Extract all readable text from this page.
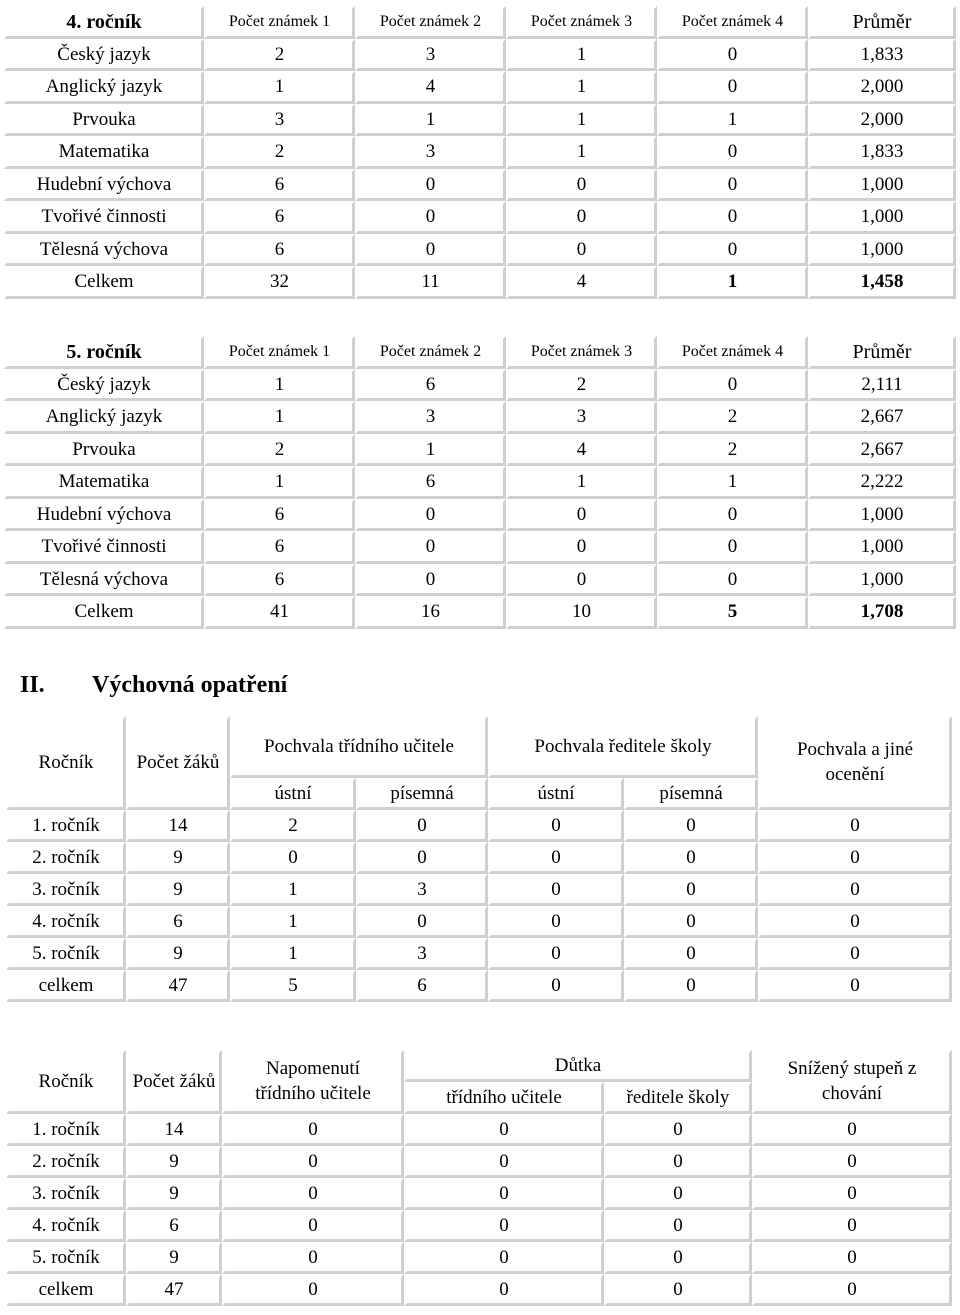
4. ročník	Počet známek 1	Počet známek 2	Počet známek 3	Počet známek 4	Průměr
Český jazyk	2	3	1	0	1,833
Anglický jazyk	1	4	1	0	2,000
Prvouka	3	1	1	1	2,000
Matematika	2	3	1	0	1,833
Hudební výchova	6	0	0	0	1,000
Tvořivé činnosti	6	0	0	0	1,000
Tělesná výchova	6	0	0	0	1,000
Celkem	32	11	4	1	1,458
5. ročník	Počet známek 1	Počet známek 2	Počet známek 3	Počet známek 4	Průměr
Český jazyk	1	6	2	0	2,111
Anglický jazyk	1	3	3	2	2,667
Prvouka	2	1	4	2	2,667
Matematika	1	6	1	1	2,222
Hudební výchova	6	0	0	0	1,000
Tvořivé činnosti	6	0	0	0	1,000
Tělesná výchova	6	0	0	0	1,000
Celkem	41	16	10	5	1,708
II. Výchovná opatření
Ročník	Počet žáků	Pochvala třídního učitele		Pochvala ředitele školy		Pochvala a jiné ocenění
		ústní	písemná	ústní	písemná	
1. ročník	14	2	0	0	0	0
2. ročník	9	0	0	0	0	0
3. ročník	9	1	3	0	0	0
4. ročník	6	1	0	0	0	0
5. ročník	9	1	3	0	0	0
celkem	47	5	6	0	0	0
Ročník	Počet žáků	Napomenutí třídního učitele	Důtka		Snížený stupeň z chování
			třídního učitele	ředitele školy	
1. ročník	14	0	0	0	0
2. ročník	9	0	0	0	0
3. ročník	9	0	0	0	0
4. ročník	6	0	0	0	0
5. ročník	9	0	0	0	0
celkem	47	0	0	0	0
